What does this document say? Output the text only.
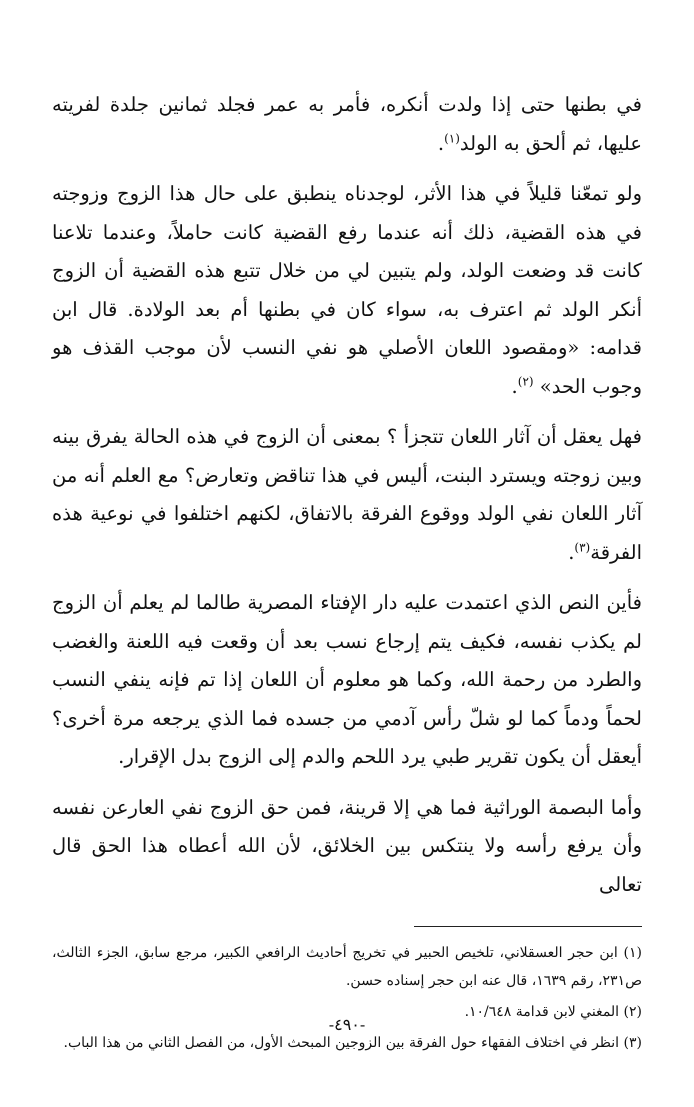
في بطنها حتى إذا ولدت أنكره، فأمر به عمر فجلد ثمانين جلدة لفريته عليها، ثم ألحق به الولد$^{(١)}$.

ولو تمعّنا قليلاً في هذا الأثر، لوجدناه ينطبق على حال هذا الزوج وزوجته في هذه القضية، ذلك أنه عندما رفع القضية كانت حاملاً، وعندما تلاعنا كانت قد وضعت الولد، ولم يتبين لي من خلال تتبع هذه القضية أن الزوج أنكر الولد ثم اعترف به، سواء كان في بطنها أم بعد الولادة. قال ابن قدامه: «ومقصود اللعان الأصلي هو نفي النسب لأن موجب القذف هو وجوب الحد» $^{(٢)}$.

فهل يعقل أن آثار اللعان تتجزأ ؟ بمعنى أن الزوج في هذه الحالة يفرق بينه وبين زوجته ويسترد البنت، أليس في هذا تناقض وتعارض؟ مع العلم أنه من آثار اللعان نفي الولد ووقوع الفرقة بالاتفاق، لكنهم اختلفوا في نوعية هذه الفرقة$^{(٣)}$.

فأين النص الذي اعتمدت عليه دار الإفتاء المصرية طالما لم يعلم أن الزوج لم يكذب نفسه، فكيف يتم إرجاع نسب بعد أن وقعت فيه اللعنة والغضب والطرد من رحمة الله، وكما هو معلوم أن اللعان إذا تم فإنه ينفي النسب لحماً ودماً كما لو شلّ رأس آدمي من جسده فما الذي يرجعه مرة أخرى؟ أيعقل أن يكون تقرير طبي يرد اللحم والدم إلى الزوج بدل الإقرار.

وأما البصمة الوراثية فما هي إلا قرينة، فمن حق الزوج نفي العارعن نفسه وأن يرفع رأسه ولا ينتكس بين الخلائق، لأن الله أعطاه هذا الحق قال تعالى

(١) ابن حجر العسقلاني، تلخيص الحبير في تخريج أحاديث الرافعي الكبير، مرجع سابق، الجزء الثالث، ص٢٣١، رقم ١٦٣٩، قال عنه ابن حجر إسناده حسن.

(٢) المغني لابن قدامة ١٠/٦٤٨.

(٣) انظر في اختلاف الفقهاء حول الفرقة بين الزوجين المبحث الأول، من الفصل الثاني من هذا الباب.

-٤٩٠-
